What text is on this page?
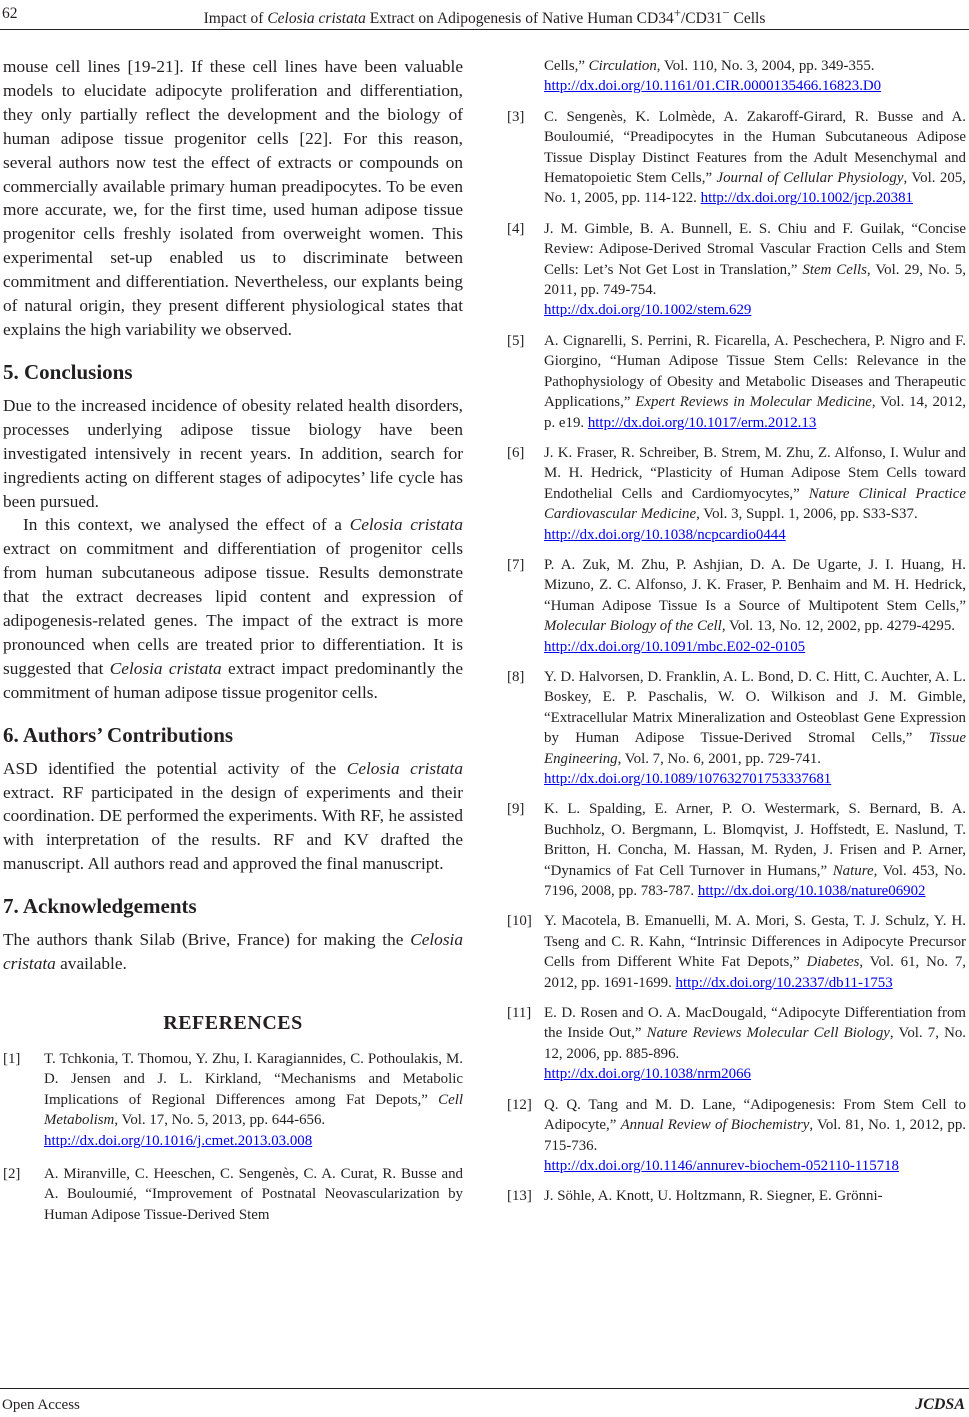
62	Impact of Celosia cristata Extract on Adipogenesis of Native Human CD34+/CD31− Cells

mouse cell lines [19-21]. If these cell lines have been valuable models to elucidate adipocyte proliferation and differentiation, they only partially reflect the development and the biology of human adipose tissue progenitor cells [22]. For this reason, several authors now test the effect of extracts or compounds on commercially available primary human preadipocytes. To be even more accurate, we, for the first time, used human adipose tissue progenitor cells freshly isolated from overweight women. This experimental set-up enabled us to discriminate between commitment and differentiation. Nevertheless, our explants being of natural origin, they present different physiological states that explains the high variability we observed.

5. Conclusions

Due to the increased incidence of obesity related health disorders, processes underlying adipose tissue biology have been investigated intensively in recent years. In addition, search for ingredients acting on different stages of adipocytes’ life cycle has been pursued.

In this context, we analysed the effect of a Celosia cristata extract on commitment and differentiation of progenitor cells from human subcutaneous adipose tissue. Results demonstrate that the extract decreases lipid content and expression of adipogenesis-related genes. The impact of the extract is more pronounced when cells are treated prior to differentiation. It is suggested that Celosia cristata extract impact predominantly the commitment of human adipose tissue progenitor cells.

6. Authors’ Contributions

ASD identified the potential activity of the Celosia cristata extract. RF participated in the design of experiments and their coordination. DE performed the experiments. With RF, he assisted with interpretation of the results. RF and KV drafted the manuscript. All authors read and approved the final manuscript.

7. Acknowledgements

The authors thank Silab (Brive, France) for making the Celosia cristata available.

REFERENCES
[1]	T. Tchkonia, T. Thomou, Y. Zhu, I. Karagiannides, C. Pothoulakis, M. D. Jensen and J. L. Kirkland, “Mechanisms and Metabolic Implications of Regional Differences among Fat Depots,” Cell Metabolism, Vol. 17, No. 5, 2013, pp. 644-656.
http://dx.doi.org/10.1016/j.cmet.2013.03.008
[2]	A. Miranville, C. Heeschen, C. Sengenès, C. A. Curat, R. Busse and A. Bouloumié, “Improvement of Postnatal Neovascularization by Human Adipose Tissue-Derived Stem
Cells,” Circulation, Vol. 110, No. 3, 2004, pp. 349-355.
http://dx.doi.org/10.1161/01.CIR.0000135466.16823.D0
[3]	C. Sengenès, K. Lolmède, A. Zakaroff-Girard, R. Busse and A. Bouloumié, “Preadipocytes in the Human Subcutaneous Adipose Tissue Display Distinct Features from the Adult Mesenchymal and Hematopoietic Stem Cells,” Journal of Cellular Physiology, Vol. 205, No. 1, 2005, pp. 114-122. http://dx.doi.org/10.1002/jcp.20381
[4]	J. M. Gimble, B. A. Bunnell, E. S. Chiu and F. Guilak, “Concise Review: Adipose-Derived Stromal Vascular Fraction Cells and Stem Cells: Let’s Not Get Lost in Translation,” Stem Cells, Vol. 29, No. 5, 2011, pp. 749-754.
http://dx.doi.org/10.1002/stem.629
[5]	A. Cignarelli, S. Perrini, R. Ficarella, A. Peschechera, P. Nigro and F. Giorgino, “Human Adipose Tissue Stem Cells: Relevance in the Pathophysiology of Obesity and Metabolic Diseases and Therapeutic Applications,” Expert Reviews in Molecular Medicine, Vol. 14, 2012, p. e19. http://dx.doi.org/10.1017/erm.2012.13
[6]	J. K. Fraser, R. Schreiber, B. Strem, M. Zhu, Z. Alfonso, I. Wulur and M. H. Hedrick, “Plasticity of Human Adipose Stem Cells toward Endothelial Cells and Cardiomyocytes,” Nature Clinical Practice Cardiovascular Medicine, Vol. 3, Suppl. 1, 2006, pp. S33-S37.
http://dx.doi.org/10.1038/ncpcardio0444
[7]	P. A. Zuk, M. Zhu, P. Ashjian, D. A. De Ugarte, J. I. Huang, H. Mizuno, Z. C. Alfonso, J. K. Fraser, P. Benhaim and M. H. Hedrick, “Human Adipose Tissue Is a Source of Multipotent Stem Cells,” Molecular Biology of the Cell, Vol. 13, No. 12, 2002, pp. 4279-4295.
http://dx.doi.org/10.1091/mbc.E02-02-0105
[8]	Y. D. Halvorsen, D. Franklin, A. L. Bond, D. C. Hitt, C. Auchter, A. L. Boskey, E. P. Paschalis, W. O. Wilkison and J. M. Gimble, “Extracellular Matrix Mineralization and Osteoblast Gene Expression by Human Adipose Tissue-Derived Stromal Cells,” Tissue Engineering, Vol. 7, No. 6, 2001, pp. 729-741.
http://dx.doi.org/10.1089/107632701753337681
[9]	K. L. Spalding, E. Arner, P. O. Westermark, S. Bernard, B. A. Buchholz, O. Bergmann, L. Blomqvist, J. Hoffstedt, E. Naslund, T. Britton, H. Concha, M. Hassan, M. Ryden, J. Frisen and P. Arner, “Dynamics of Fat Cell Turnover in Humans,” Nature, Vol. 453, No. 7196, 2008, pp. 783-787. http://dx.doi.org/10.1038/nature06902
[10] Y. Macotela, B. Emanuelli, M. A. Mori, S. Gesta, T. J. Schulz, Y. H. Tseng and C. R. Kahn, “Intrinsic Differences in Adipocyte Precursor Cells from Different White Fat Depots,” Diabetes, Vol. 61, No. 7, 2012, pp. 1691-1699. http://dx.doi.org/10.2337/db11-1753
[11] E. D. Rosen and O. A. MacDougald, “Adipocyte Differentiation from the Inside Out,” Nature Reviews Molecular Cell Biology, Vol. 7, No. 12, 2006, pp. 885-896.
http://dx.doi.org/10.1038/nrm2066
[12] Q. Q. Tang and M. D. Lane, “Adipogenesis: From Stem Cell to Adipocyte,” Annual Review of Biochemistry, Vol. 81, No. 1, 2012, pp. 715-736.
http://dx.doi.org/10.1146/annurev-biochem-052110-115718
[13] J. Söhle, A. Knott, U. Holtzmann, R. Siegner, E. Grönni-
Open Access	JCDSA
